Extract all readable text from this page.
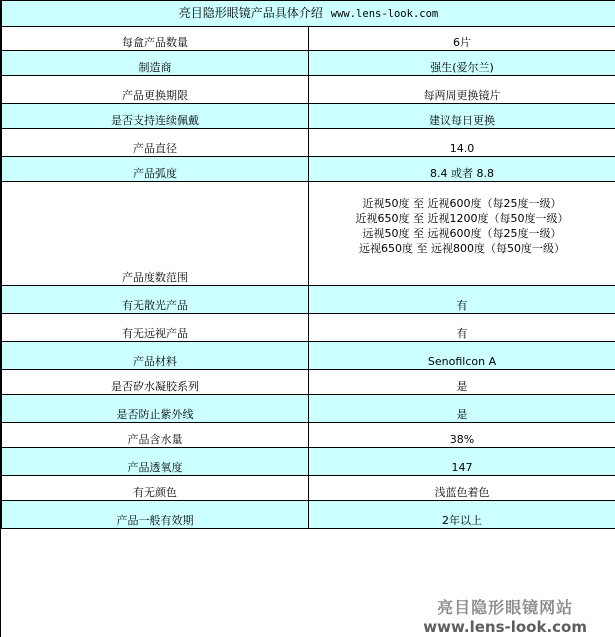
亮目隐形眼镜产品具体介绍 www.lens-look.com	
每盒产品数量	6片
制造商	强生(爱尔兰)
产品更换期限	每两周更换镜片
是否支持连续佩戴	建议每日更换
产品直径	14.0
产品弧度	8.4 或者 8.8
产品度数范围	近视50度 至 近视600度（每25度一级）
近视650度 至 近视1200度（每50度一级）
远视50度 至 远视600度（每25度一级）
远视650度 至 远视800度（每50度一级）

有无散光产品	有
有无远视产品	有
产品材料	Senofilcon A
是否矽水凝胶系列	是
是否防止紫外线	是
产品含水量	38%
产品透氧度	147
有无颜色	浅蓝色着色
产品一般有效期	2年以上
亮目隐形眼镜网站
www.lens-look.com
